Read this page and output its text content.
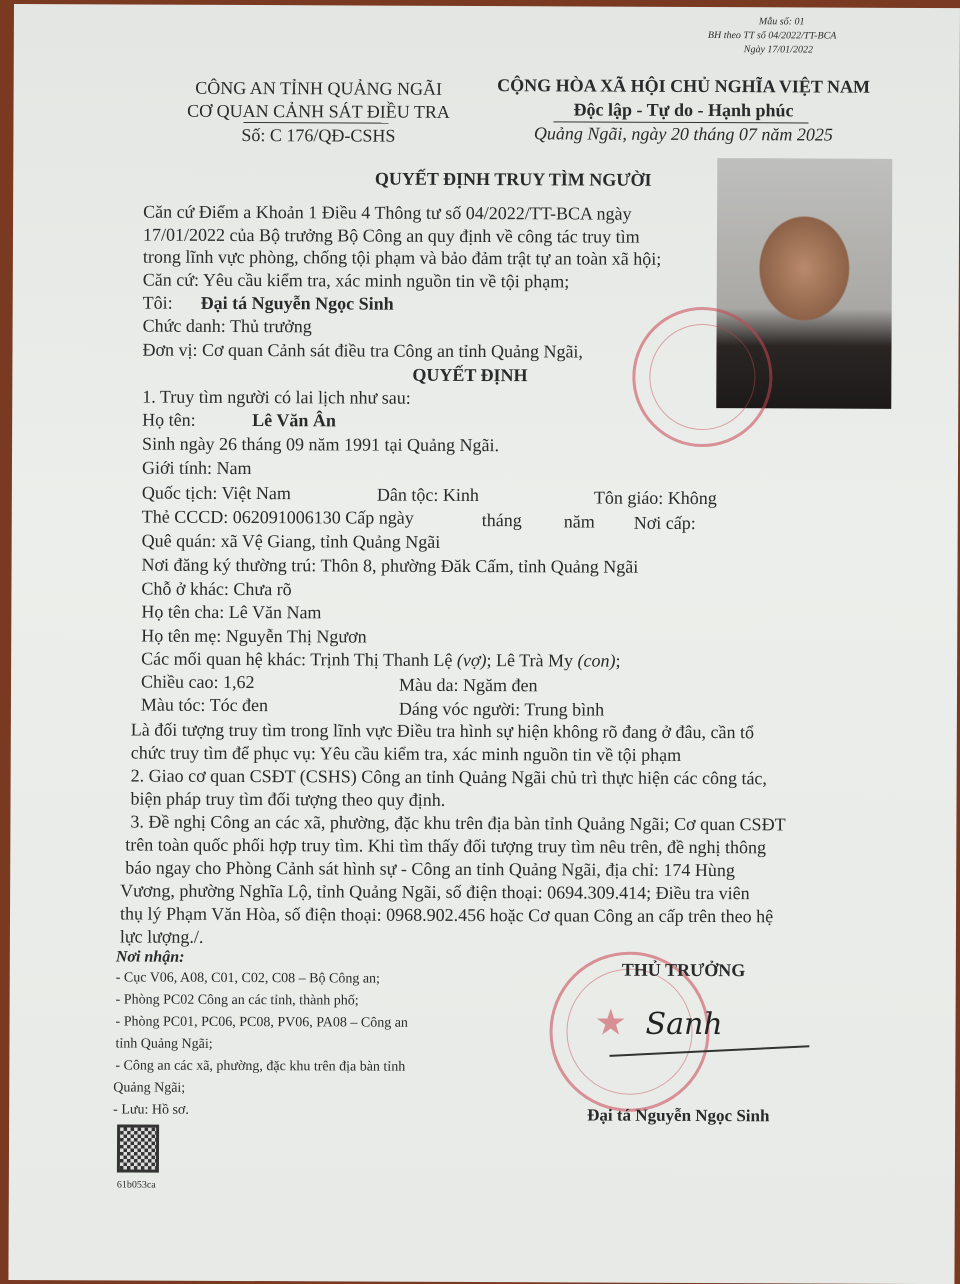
Mẫu số: 01
BH theo TT số 04/2022/TT-BCA
Ngày 17/01/2022
CÔNG AN TỈNH QUẢNG NGÃI
CƠ QUAN CẢNH SÁT ĐIỀU TRA
Số: C 176/QĐ-CSHS
CỘNG HÒA XÃ HỘI CHỦ NGHĨA VIỆT NAM
Độc lập - Tự do - Hạnh phúc
Quảng Ngãi, ngày 20 tháng 07 năm 2025
QUYẾT ĐỊNH TRUY TÌM NGƯỜI
Căn cứ Điểm a Khoản 1 Điều 4 Thông tư số 04/2022/TT-BCA ngày
17/01/2022 của Bộ trưởng Bộ Công an quy định về công tác truy tìm
trong lĩnh vực phòng, chống tội phạm và bảo đảm trật tự an toàn xã hội;
Căn cứ: Yêu cầu kiểm tra, xác minh nguồn tin về tội phạm;
Tôi: Đại tá Nguyễn Ngọc Sinh
Chức danh: Thủ trưởng
Đơn vị: Cơ quan Cảnh sát điều tra Công an tỉnh Quảng Ngãi,
QUYẾT ĐỊNH
1. Truy tìm người có lai lịch như sau:
Họ tên:	Lê Văn Ân
Sinh ngày 26 tháng 09 năm 1991 tại Quảng Ngãi.
Giới tính: Nam
Quốc tịch: Việt Nam	Dân tộc: Kinh	Tôn giáo: Không
Thẻ CCCD: 062091006130 Cấp ngày	tháng năm Nơi cấp:
Quê quán: xã Vệ Giang, tỉnh Quảng Ngãi
Nơi đăng ký thường trú: Thôn 8, phường Đăk Cấm, tỉnh Quảng Ngãi
Chỗ ở khác: Chưa rõ
Họ tên cha: Lê Văn Nam
Họ tên mẹ: Nguyễn Thị Ngươn
Các mối quan hệ khác: Trịnh Thị Thanh Lệ (vợ); Lê Trà My (con);
Chiều cao: 1,62	Màu da: Ngăm đen
Màu tóc: Tóc đen	Dáng vóc người: Trung bình
Là đối tượng truy tìm trong lĩnh vực Điều tra hình sự hiện không rõ đang ở đâu, cần tổ
chức truy tìm để phục vụ: Yêu cầu kiểm tra, xác minh nguồn tin về tội phạm
2. Giao cơ quan CSĐT (CSHS) Công an tỉnh Quảng Ngãi chủ trì thực hiện các công tác,
biện pháp truy tìm đối tượng theo quy định.
3. Đề nghị Công an các xã, phường, đặc khu trên địa bàn tỉnh Quảng Ngãi; Cơ quan CSĐT
trên toàn quốc phối hợp truy tìm. Khi tìm thấy đối tượng truy tìm nêu trên, đề nghị thông
báo ngay cho Phòng Cảnh sát hình sự - Công an tỉnh Quảng Ngãi, địa chỉ: 174 Hùng
Vương, phường Nghĩa Lộ, tỉnh Quảng Ngãi, số điện thoại: 0694.309.414; Điều tra viên
thụ lý Phạm Văn Hòa, số điện thoại: 0968.902.456 hoặc Cơ quan Công an cấp trên theo hệ
lực lượng./.
Nơi nhận:
- Cục V06, A08, C01, C02, C08 – Bộ Công an;
- Phòng PC02 Công an các tỉnh, thành phố;
- Phòng PC01, PC06, PC08, PV06, PA08 – Công an
tỉnh Quảng Ngãi;
- Công an các xã, phường, đặc khu trên địa bàn tỉnh
Quảng Ngãi;
- Lưu: Hồ sơ.
61b053ca
★
THỦ TRƯỞNG
Sanh
Đại tá Nguyễn Ngọc Sinh
